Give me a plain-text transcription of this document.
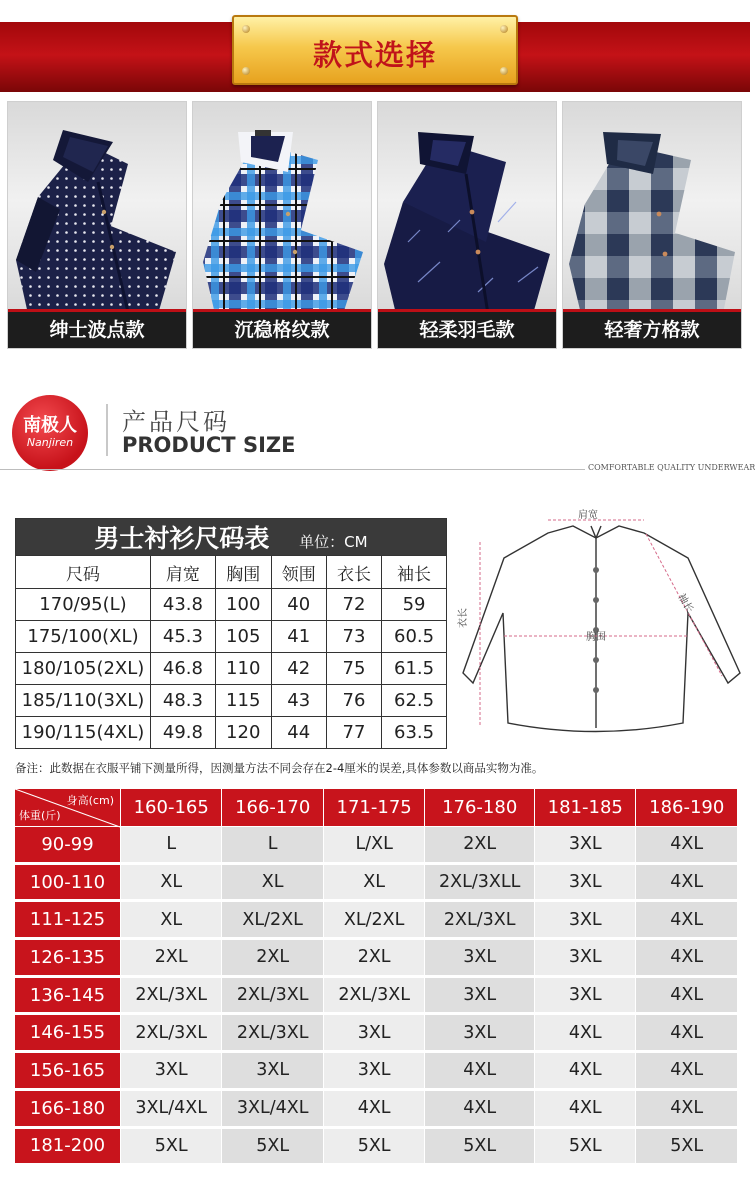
款式选择
绅士波点款	沉稳格纹款	轻柔羽毛款	轻奢方格款
南极人
Nanjiren
产品尺码
PRODUCT SIZE
COMFORTABLE QUALITY UNDERWEAR
男士衬衫尺码表 单位：CM					
尺码	肩宽	胸围	领围	衣长	袖长
170/95(L)	43.8	100	40	72	59
175/100(XL)	45.3	105	41	73	60.5
180/105(2XL)	46.8	110	42	75	61.5
185/110(3XL)	48.3	115	43	76	62.5
190/115(4XL)	49.8	120	44	77	63.5
肩宽
袖长
衣长
胸围
备注：此数据在衣服平铺下测量所得，因测量方法不同会存在2-4厘米的误差,具体参数以商品实物为准。
身高(cm)
体重(斤)	160-165	166-170	171-175	176-180	181-185	186-190
90-99	L	L	L/XL	2XL	3XL	4XL
100-110	XL	XL	XL	2XL/3XLL	3XL	4XL
111-125	XL	XL/2XL	XL/2XL	2XL/3XL	3XL	4XL
126-135	2XL	2XL	2XL	3XL	3XL	4XL
136-145	2XL/3XL	2XL/3XL	2XL/3XL	3XL	3XL	4XL
146-155	2XL/3XL	2XL/3XL	3XL	3XL	4XL	4XL
156-165	3XL	3XL	3XL	4XL	4XL	4XL
166-180	3XL/4XL	3XL/4XL	4XL	4XL	4XL	4XL
181-200	5XL	5XL	5XL	5XL	5XL	5XL
